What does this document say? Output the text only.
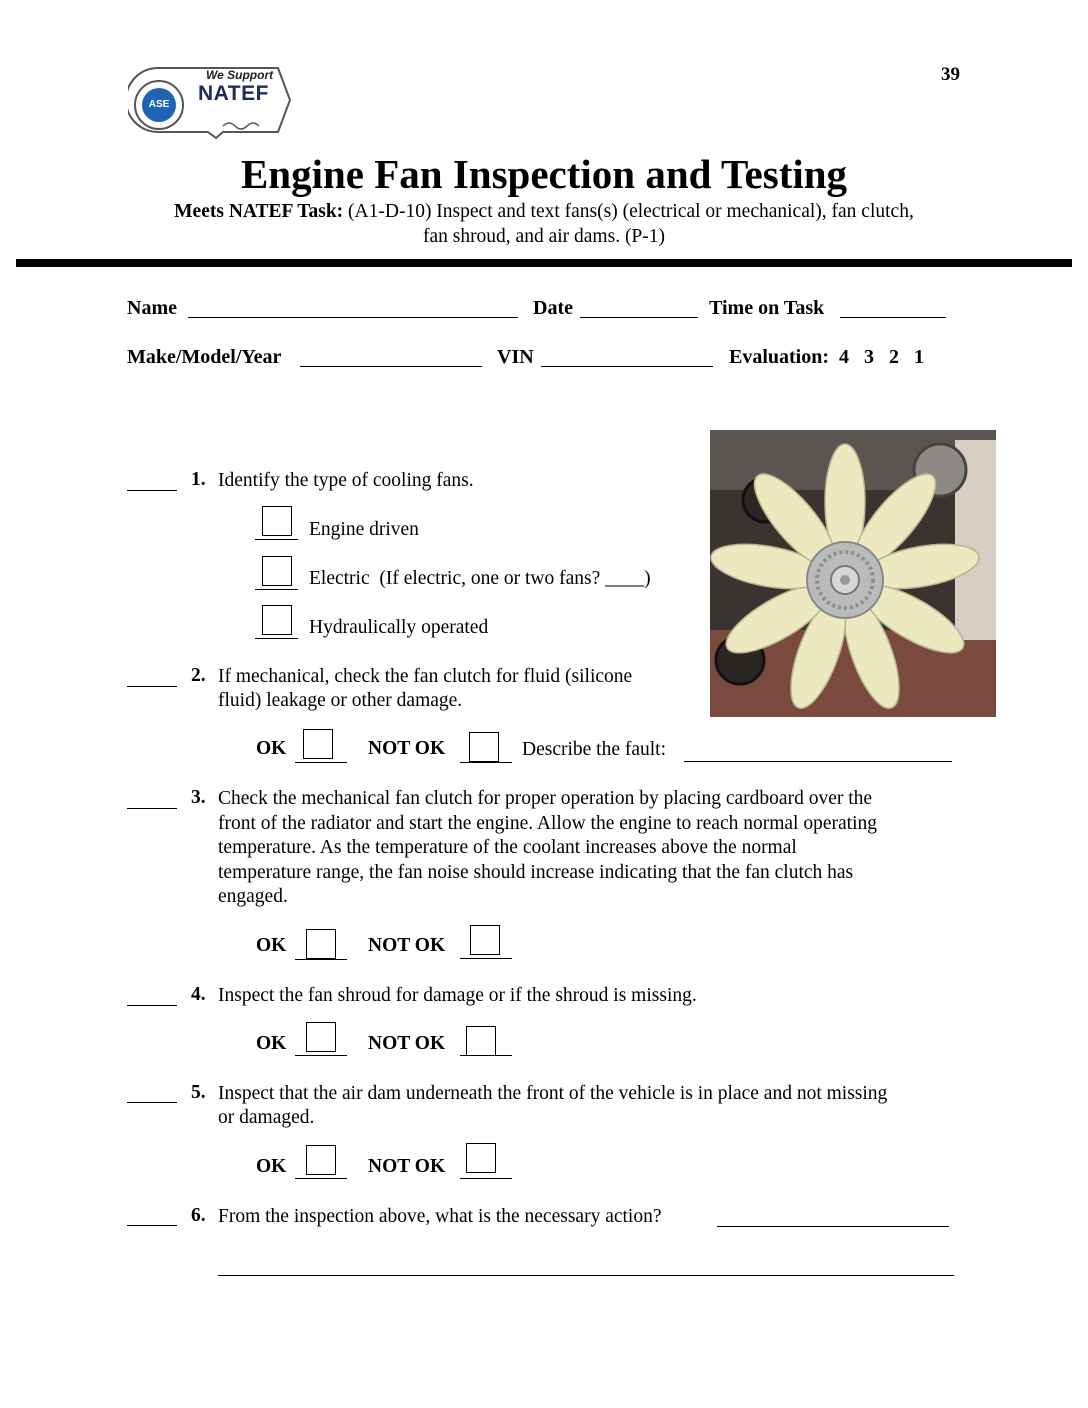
39
We Support
NATEF
ASE
Engine Fan Inspection and Testing
Meets NATEF Task: (A1-D-10) Inspect and text fans(s) (electrical or mechanical), fan clutch,
fan shroud, and air dams. (P-1)
Name	Date	Time on Task
Make/Model/Year	VIN	Evaluation:  4   3   2   1
1. Identify the type of cooling fans.
Engine driven
Electric  (If electric, one or two fans? ____)
Hydraulically operated
2. If mechanical, check the fan clutch for fluid (silicone
fluid) leakage or other damage.
OK	NOT OK	Describe the fault:
3. Check the mechanical fan clutch for proper operation by placing cardboard over the
front of the radiator and start the engine. Allow the engine to reach normal operating
temperature. As the temperature of the coolant increases above the normal
temperature range, the fan noise should increase indicating that the fan clutch has
engaged.
OK	NOT OK
4. Inspect the fan shroud for damage or if the shroud is missing.
OK	NOT OK
5. Inspect that the air dam underneath the front of the vehicle is in place and not missing
or damaged.
OK	NOT OK
6. From the inspection above, what is the necessary action?
